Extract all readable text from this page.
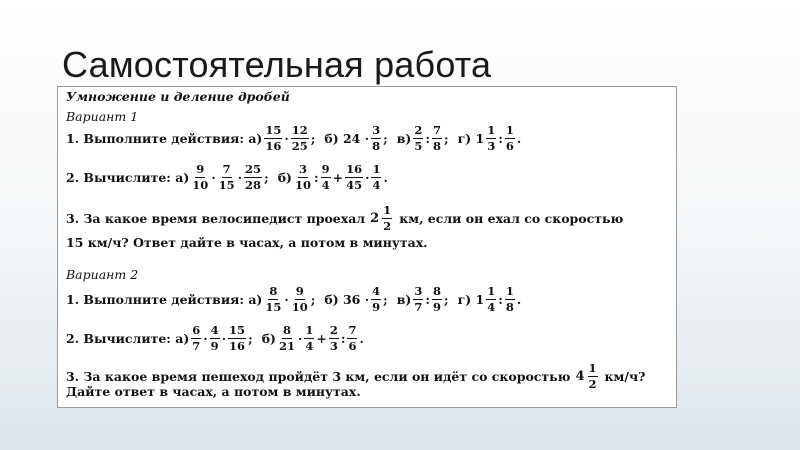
Самостоятельная работа
Умножение и деление дробей
Вариант 1
1. Выполните действия: $а) \frac{15}{16} \cdot \frac{12}{25}$ ; б) $24 \cdot \frac{3}{8}$ ; $в) \frac{2}{5}$ : $\frac{7}{8}$ ; г) $1 \frac{1}{3}$ : $\frac{1}{6}$ .
2. Вычислите: $а) \frac{9}{10} \cdot \frac{7}{15} \cdot \frac{25}{28}$ ; $б) \frac{3}{10}$ : $\frac{9}{4} + \frac{16}{45} \cdot \frac{1}{4}$ .
3. За какое время велосипедист проехал $2 \frac{1}{2}$ км, если он ехал со скоростью
15 км/ч? Ответ дайте в часах, а потом в минутах.
Вариант 2
1. Выполните действия: $а) \frac{8}{15} \cdot \frac{9}{10}$ ; б) $36 \cdot \frac{4}{9}$ ; $в) \frac{3}{7}$ : $\frac{8}{9}$ ; г) $1 \frac{1}{4}$ : $\frac{1}{8}$ .
2. Вычислите: $а) \frac{6}{7} \cdot \frac{4}{9} \cdot \frac{15}{16}$ ; $б) \frac{8}{21} \cdot \frac{1}{4} + \frac{2}{3}$ : $\frac{7}{6}$ .
3. За какое время пешеход пройдёт 3 км, если он идёт со скоростью $4 \frac{1}{2} км/ч$?
Дайте ответ в часах, а потом в минутах.
